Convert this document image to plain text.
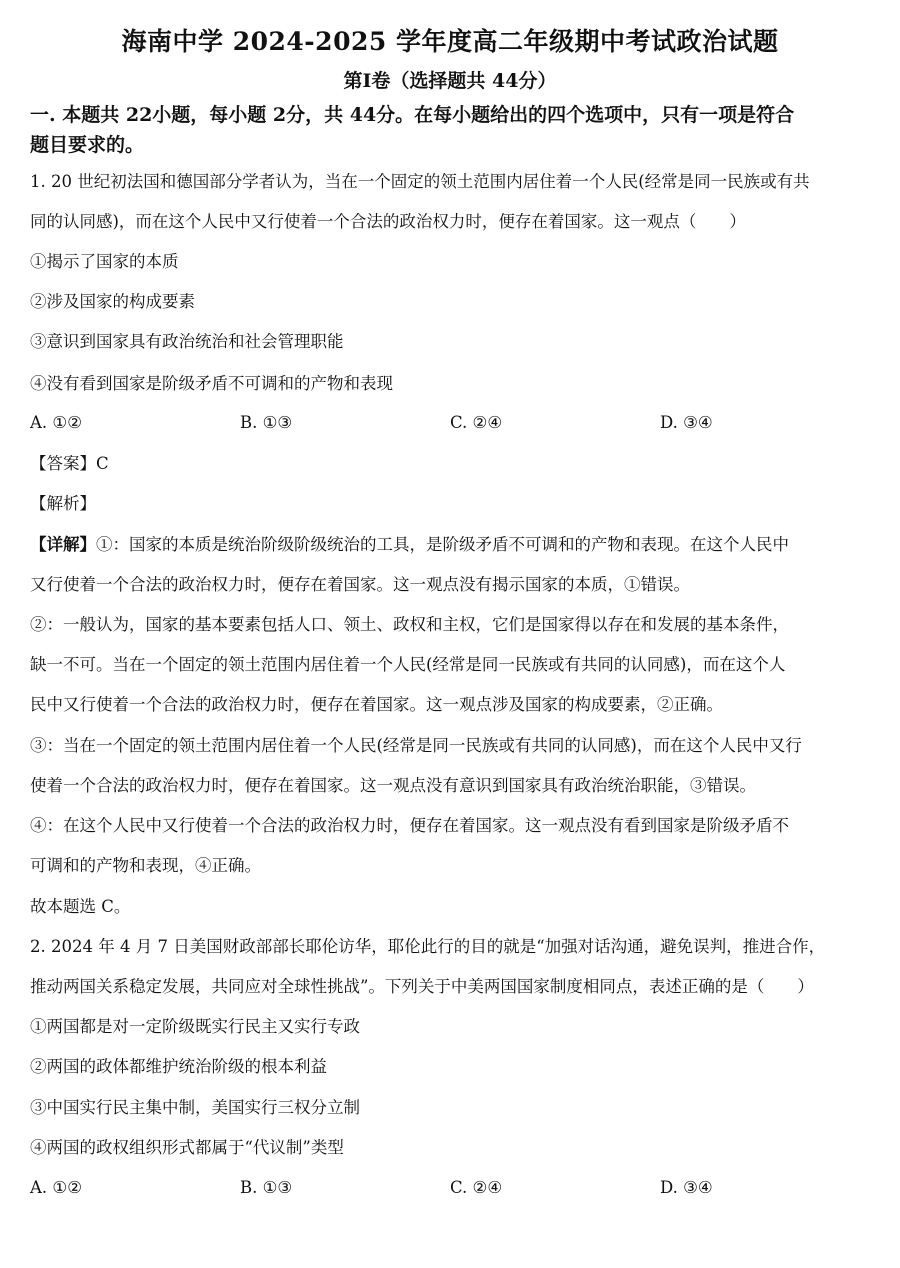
海南中学 2024-2025 学年度高二年级期中考试政治试题
第Ⅰ卷（选择题共 44分）
一. 本题共 22小题，每小题 2分，共 44分。在每小题给出的四个选项中，只有一项是符合
题目要求的。
1. 20 世纪初法国和德国部分学者认为，当在一个固定的领土范围内居住着一个人民(经常是同一民族或有共
同的认同感)，而在这个人民中又行使着一个合法的政治权力时，便存在着国家。这一观点（　　）
①揭示了国家的本质
②涉及国家的构成要素
③意识到国家具有政治统治和社会管理职能
④没有看到国家是阶级矛盾不可调和的产物和表现
A. ①②	B. ①③	C. ②④	D. ③④
【答案】C
【解析】
【详解】①：国家的本质是统治阶级阶级统治的工具，是阶级矛盾不可调和的产物和表现。在这个人民中
又行使着一个合法的政治权力时，便存在着国家。这一观点没有揭示国家的本质，①错误。
②：一般认为，国家的基本要素包括人口、领土、政权和主权，它们是国家得以存在和发展的基本条件，
缺一不可。当在一个固定的领土范围内居住着一个人民(经常是同一民族或有共同的认同感)，而在这个人
民中又行使着一个合法的政治权力时，便存在着国家。这一观点涉及国家的构成要素，②正确。
③：当在一个固定的领土范围内居住着一个人民(经常是同一民族或有共同的认同感)，而在这个人民中又行
使着一个合法的政治权力时，便存在着国家。这一观点没有意识到国家具有政治统治职能，③错误。
④：在这个人民中又行使着一个合法的政治权力时，便存在着国家。这一观点没有看到国家是阶级矛盾不
可调和的产物和表现，④正确。
故本题选 C。
2. 2024 年 4 月 7 日美国财政部部长耶伦访华，耶伦此行的目的就是“加强对话沟通，避免误判，推进合作，
推动两国关系稳定发展，共同应对全球性挑战”。下列关于中美两国国家制度相同点，表述正确的是（　　）
①两国都是对一定阶级既实行民主又实行专政
②两国的政体都维护统治阶级的根本利益
③中国实行民主集中制，美国实行三权分立制
④两国的政权组织形式都属于“代议制”类型
A. ①②	B. ①③	C. ②④	D. ③④
